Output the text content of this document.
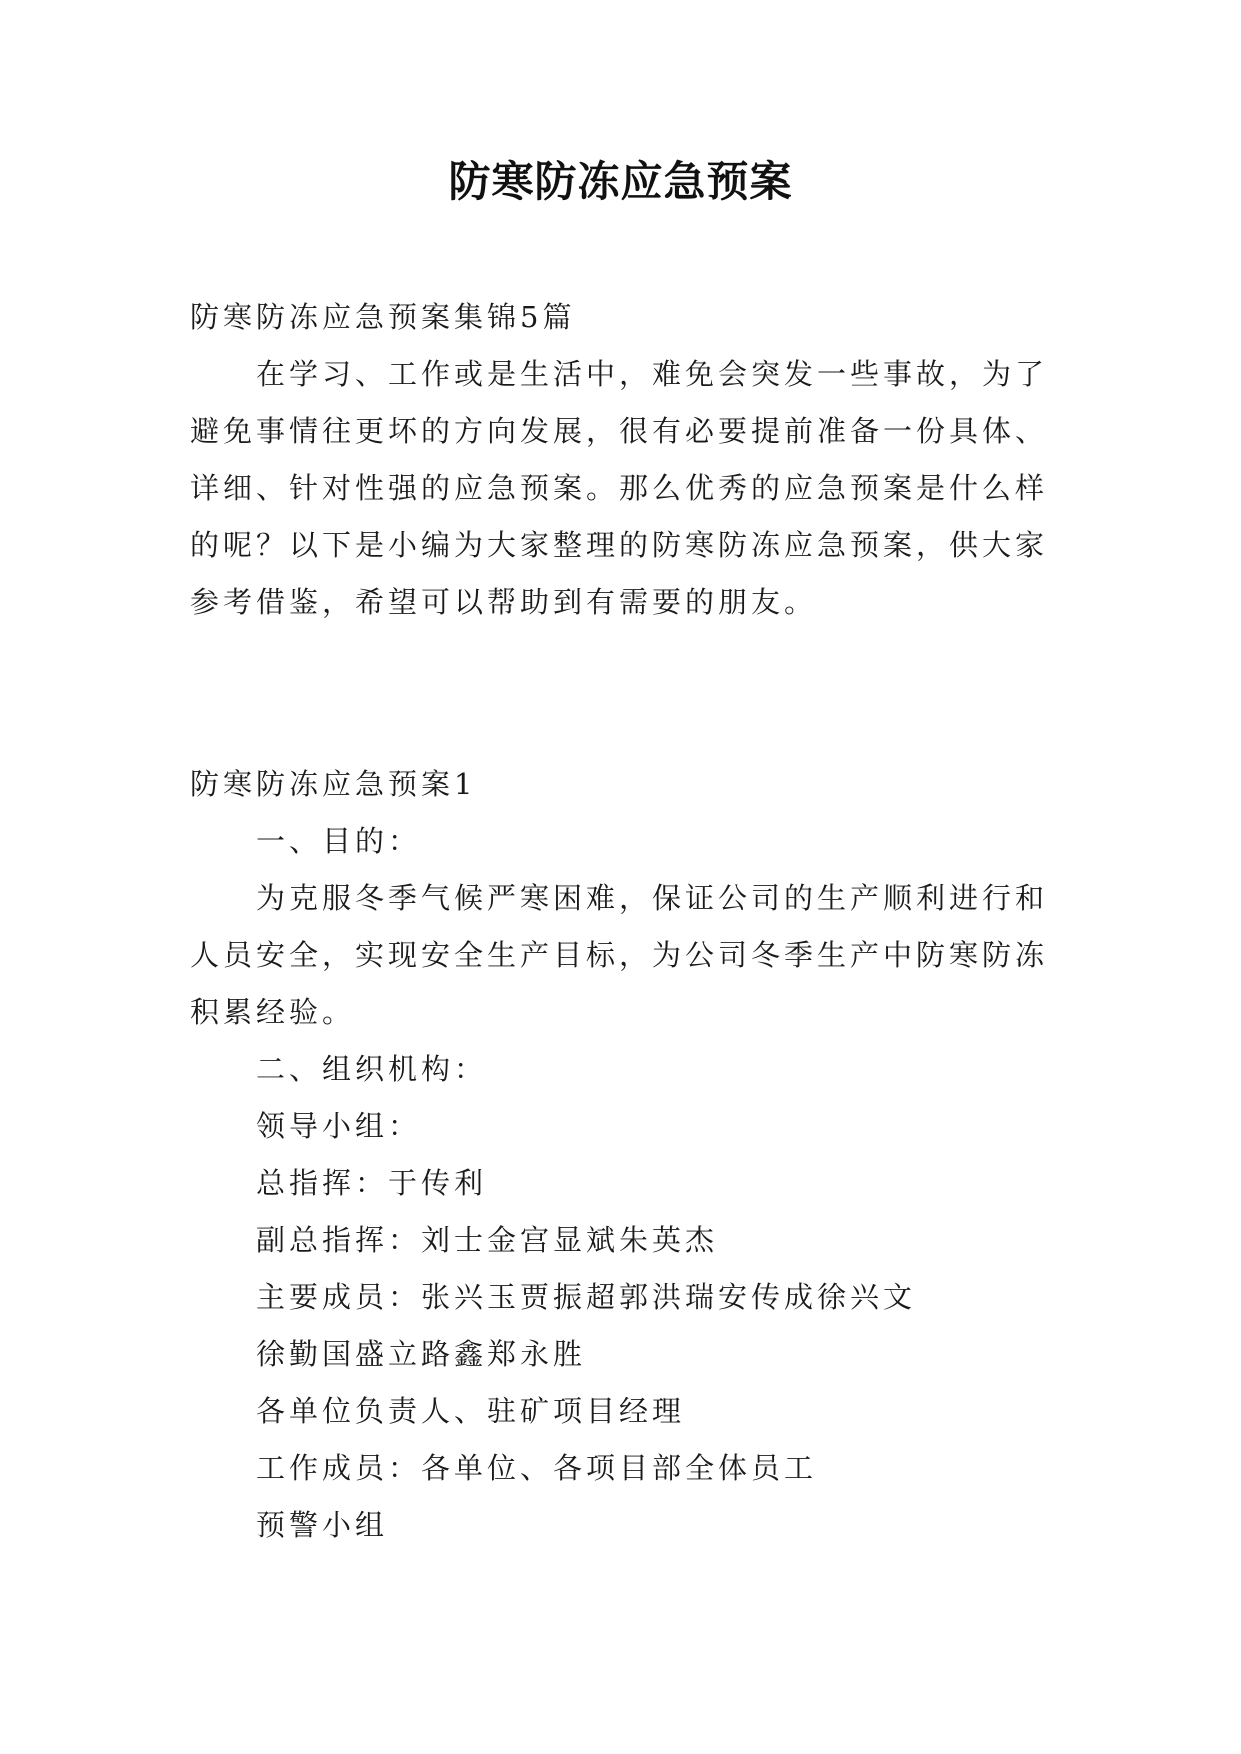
防寒防冻应急预案
防寒防冻应急预案集锦5篇
在学习、工作或是生活中，难免会突发一些事故，为了
避免事情往更坏的方向发展，很有必要提前准备一份具体、
详细、针对性强的应急预案。那么优秀的应急预案是什么样
的呢？以下是小编为大家整理的防寒防冻应急预案，供大家
参考借鉴，希望可以帮助到有需要的朋友。
防寒防冻应急预案1
一、目的：
为克服冬季气候严寒困难，保证公司的生产顺利进行和
人员安全，实现安全生产目标，为公司冬季生产中防寒防冻
积累经验。
二、组织机构：
领导小组：
总指挥：于传利
副总指挥：刘士金宫显斌朱英杰
主要成员：张兴玉贾振超郭洪瑞安传成徐兴文
徐勤国盛立路鑫郑永胜
各单位负责人、驻矿项目经理
工作成员：各单位、各项目部全体员工
预警小组
